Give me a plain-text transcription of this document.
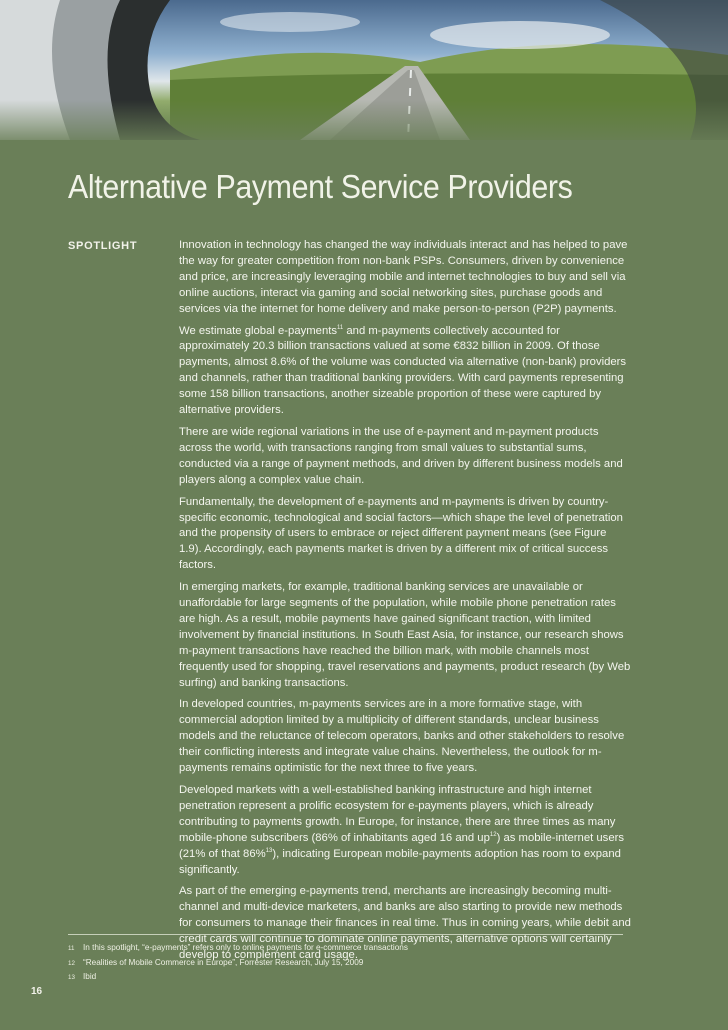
Alternative Payment Service Providers
SPOTLIGHT	Innovation in technology has changed the way individuals interact and has helped to pave the way for greater competition from non-bank PSPs. Consumers, driven by convenience and price, are increasingly leveraging mobile and internet technologies to buy and sell via online auctions, interact via gaming and social networking sites, purchase goods and services via the internet for home delivery and make person-to-person (P2P) payments.

We estimate global e-payments$^{11}$ and m-payments collectively accounted for approximately 20.3 billion transactions valued at some €832 billion in 2009. Of those payments, almost 8.6% of the volume was conducted via alternative (non-bank) providers and channels, rather than traditional banking providers. With card payments representing some 158 billion transactions, another sizeable proportion of these were captured by alternative providers.

There are wide regional variations in the use of e-payment and m-payment products across the world, with transactions ranging from small values to substantial sums, conducted via a range of payment methods, and driven by different business models and players along a complex value chain.

Fundamentally, the development of e-payments and m-payments is driven by country-specific economic, technological and social factors—which shape the level of penetration and the propensity of users to embrace or reject different payment means (see Figure 1.9). Accordingly, each payments market is driven by a different mix of critical success factors.

In emerging markets, for example, traditional banking services are unavailable or unaffordable for large segments of the population, while mobile phone penetration rates are high. As a result, mobile payments have gained significant traction, with limited involvement by financial institutions. In South East Asia, for instance, our research shows m-payment transactions have reached the billion mark, with mobile channels most frequently used for shopping, travel reservations and payments, product research (by Web surfing) and banking transactions.

In developed countries, m-payments services are in a more formative stage, with commercial adoption limited by a multiplicity of different standards, unclear business models and the reluctance of telecom operators, banks and other stakeholders to resolve their conflicting interests and integrate value chains. Nevertheless, the outlook for m-payments remains optimistic for the next three to five years.

Developed markets with a well-established banking infrastructure and high internet penetration represent a prolific ecosystem for e-payments players, which is already contributing to payments growth. In Europe, for instance, there are three times as many mobile-phone subscribers (86% of inhabitants aged 16 and $up^{12}$) as mobile-internet users (21% of that 86%$^{13}$), indicating European mobile-payments adoption has room to expand significantly.

As part of the emerging e-payments trend, merchants are increasingly becoming multi-channel and multi-device marketers, and banks are also starting to provide new methods for consumers to manage their finances in real time. Thus in coming years, while debit and credit cards will continue to dominate online payments, alternative options will certainly develop to complement card usage.

11	In this spotlight, “e-payments” refers only to online payments for e-commerce transactions
12 “Realities of Mobile Commerce in Europe”, Forrester Research, July 15, 2009
13 Ibid
16
